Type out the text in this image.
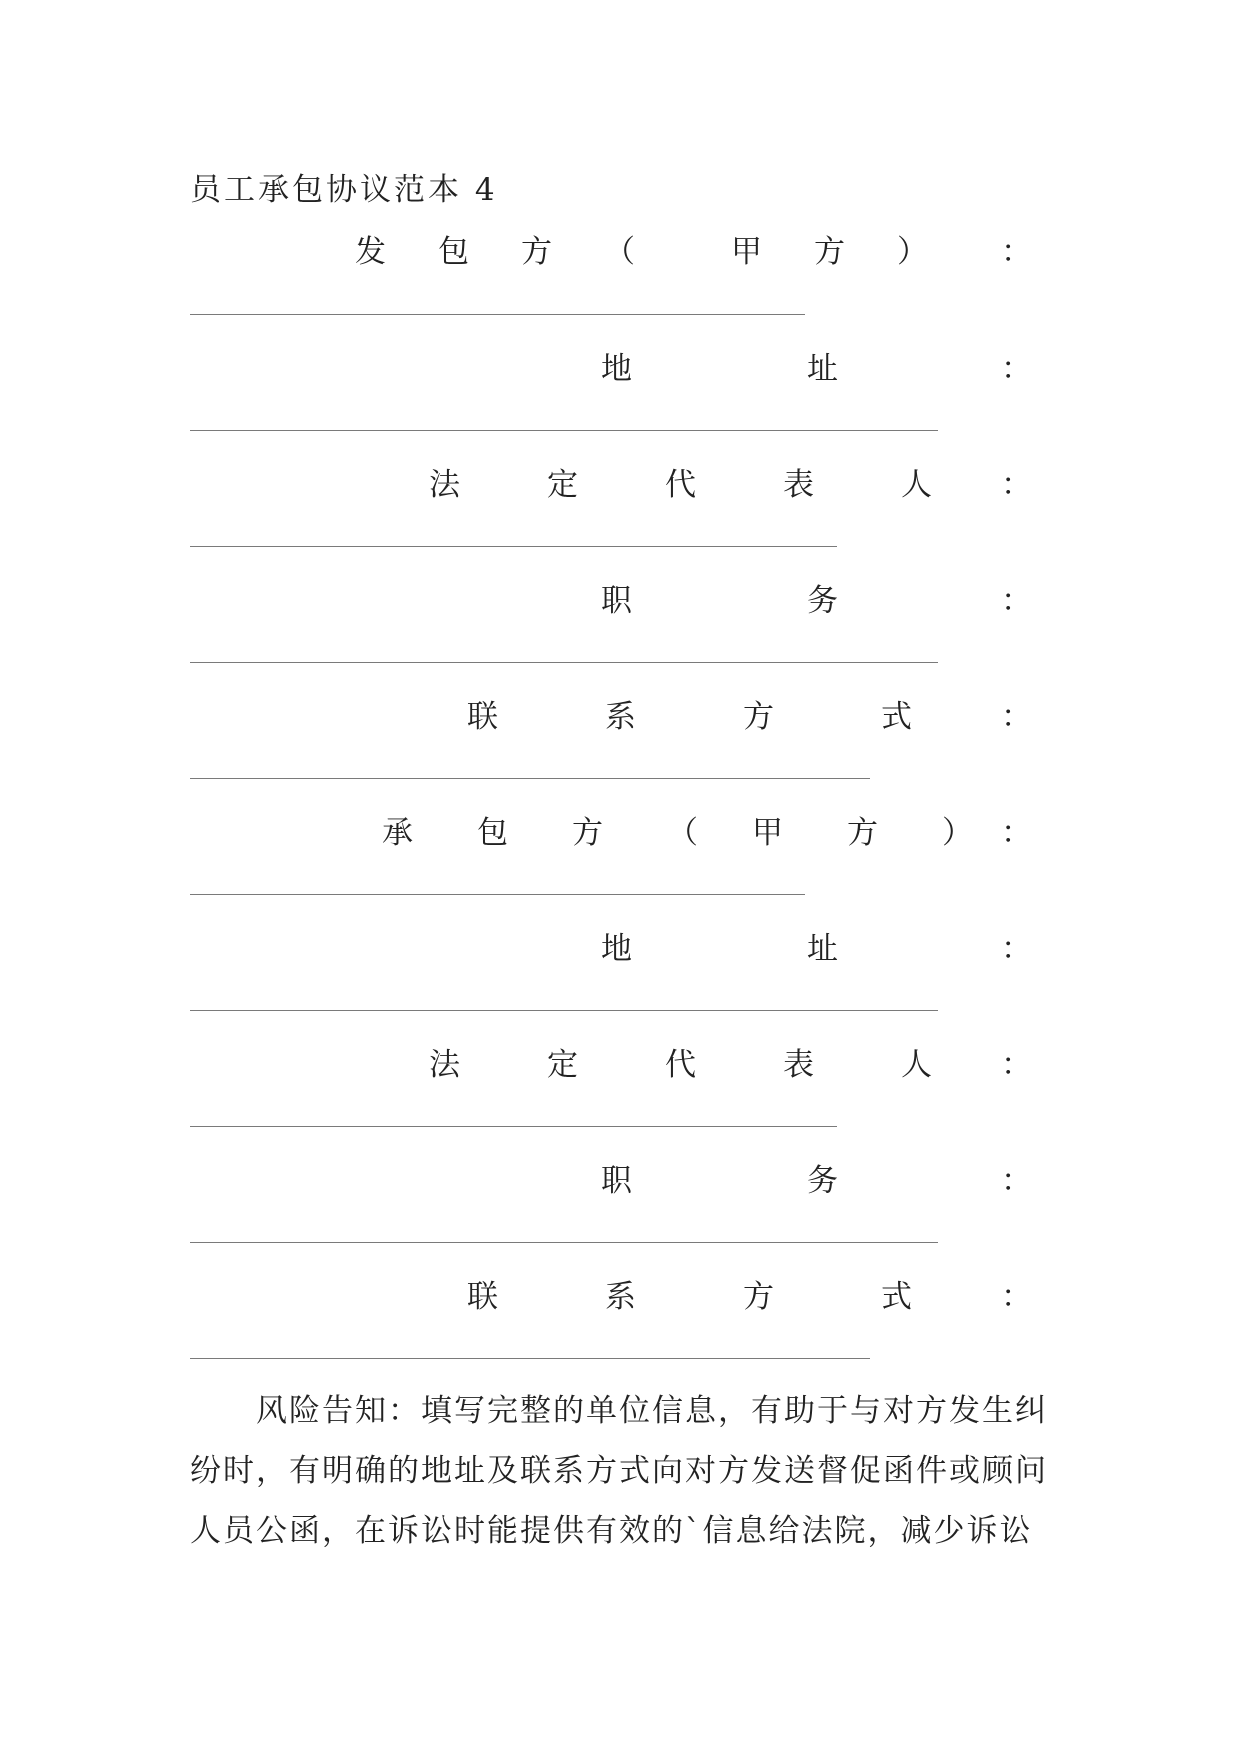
员工承包协议范本 4
发 包 方 （	甲 方 ） ：
地	址	：
法	定	代	表	人 ：
职	务	：
联	系	方	式	：
承 包 方 （ 甲 方 ） ：
地	址	：
法	定	代	表	人 ：
职	务	：
联	系	方	式	：
风险告知：填写完整的单位信息，有助于与对方发生纠纷时，有明确的地址及联系方式向对方发送督促函件或顾问人员公函，在诉讼时能提供有效的`信息给法院，减少诉讼
